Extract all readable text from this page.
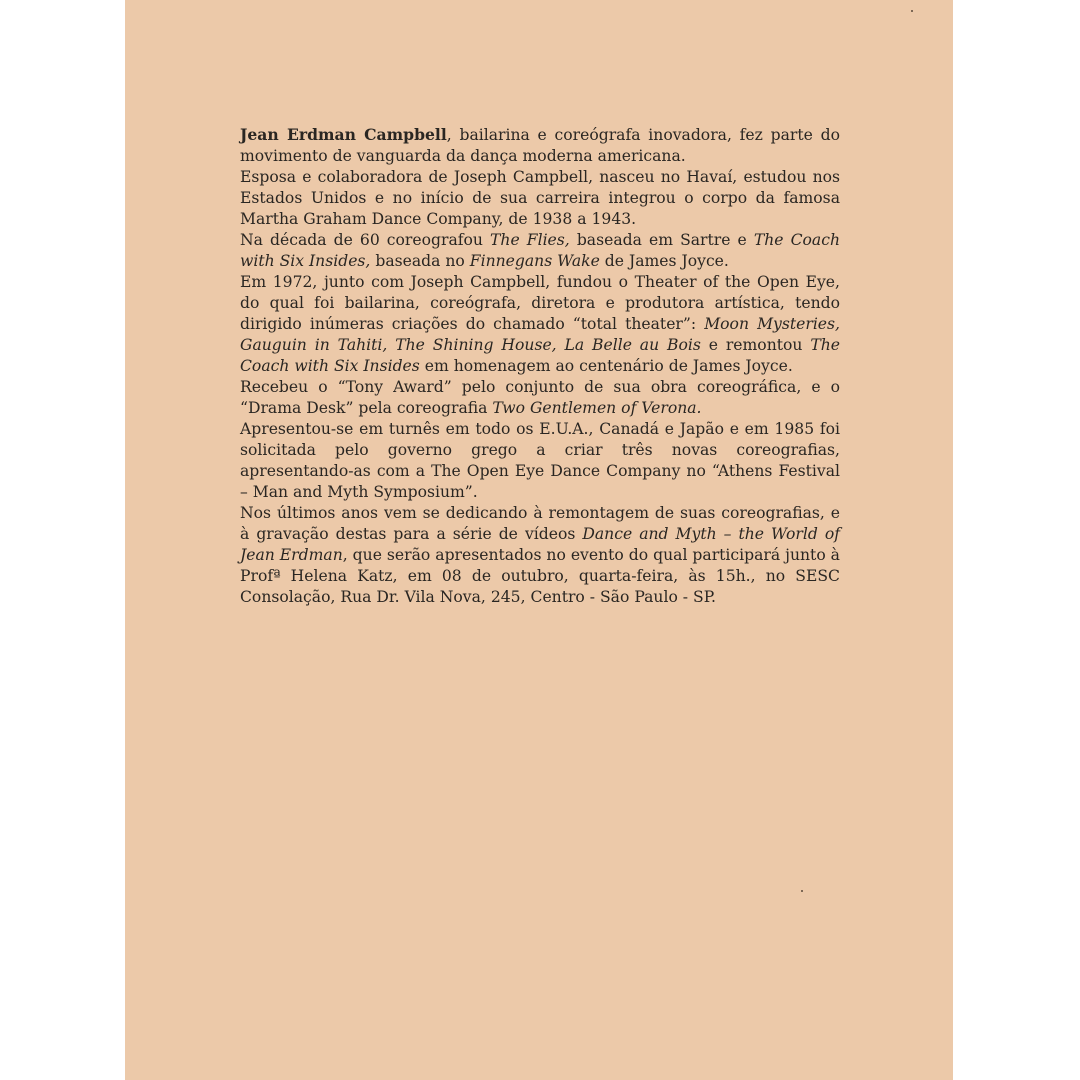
Jean Erdman Campbell, bailarina e coreógrafa inovadora, fez parte do movimento de vanguarda da dança moderna americana.

Esposa e colaboradora de Joseph Campbell, nasceu no Havaí, estudou nos Estados Unidos e no início de sua carreira integrou o corpo da famosa Martha Graham Dance Company, de 1938 a 1943.

Na década de 60 coreografou The Flies, baseada em Sartre e The Coach with Six Insides, baseada no Finnegans Wake de James Joyce.

Em 1972, junto com Joseph Campbell, fundou o Theater of the Open Eye, do qual foi bailarina, coreógrafa, diretora e produtora artística, tendo dirigido inúmeras criações do chamado “total theater”: Moon Mysteries, Gauguin in Tahiti, The Shining House, La Belle au Bois e remontou The Coach with Six Insides em homenagem ao centenário de James Joyce.

Recebeu o “Tony Award” pelo conjunto de sua obra coreográfica, e o “Drama Desk” pela coreografia Two Gentlemen of Verona.

Apresentou-se em turnês em todo os E.U.A., Canadá e Japão e em 1985 foi solicitada pelo governo grego a criar três novas coreografias, apresentando-as com a The Open Eye Dance Company no “Athens Festival – Man and Myth Symposium”.

Nos últimos anos vem se dedicando à remontagem de suas coreografias, e à gravação destas para a série de vídeos Dance and Myth – the World of Jean Erdman, que serão apresentados no evento do qual participará junto à Profª Helena Katz, em 08 de outubro, quarta-feira, às 15h., no SESC Consolação, Rua Dr. Vila Nova, 245, Centro - São Paulo - SP.
